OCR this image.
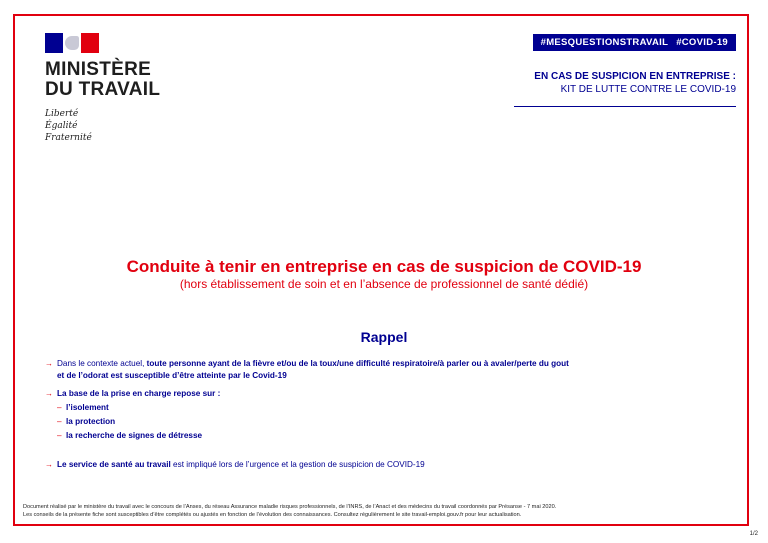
MINISTÈRE
DU TRAVAIL
Liberté
Égalité
Fraternité
#MESQUESTIONSTRAVAIL #COVID-19
EN CAS DE SUSPICION EN ENTREPRISE :
KIT DE LUTTE CONTRE LE COVID-19
Conduite à tenir en entreprise en cas de suspicion de COVID-19
(hors établissement de soin et en l’absence de professionnel de santé dédié)
Rappel
→ Dans le contexte actuel, toute personne ayant de la fièvre et/ou de la toux/une difficulté respiratoire/à parler ou à avaler/perte du gout
et de l’odorat est susceptible d’être atteinte par le Covid-19
→ La base de la prise en charge repose sur :
– l’isolement
– la protection
– la recherche de signes de détresse
→ Le service de santé au travail est impliqué lors de l’urgence et la gestion de suspicion de COVID-19
Document réalisé par le ministère du travail avec le concours de l’Anses, du réseau Assurance maladie risques professionnels, de l’INRS, de l’Anact et des médecins du travail coordonnés par Présanse - 7 mai 2020.
Les conseils de la présente fiche sont susceptibles d’être complétés ou ajustés en fonction de l’évolution des connaissances. Consultez régulièrement le site travail-emploi.gouv.fr pour leur actualisation.
1/2
